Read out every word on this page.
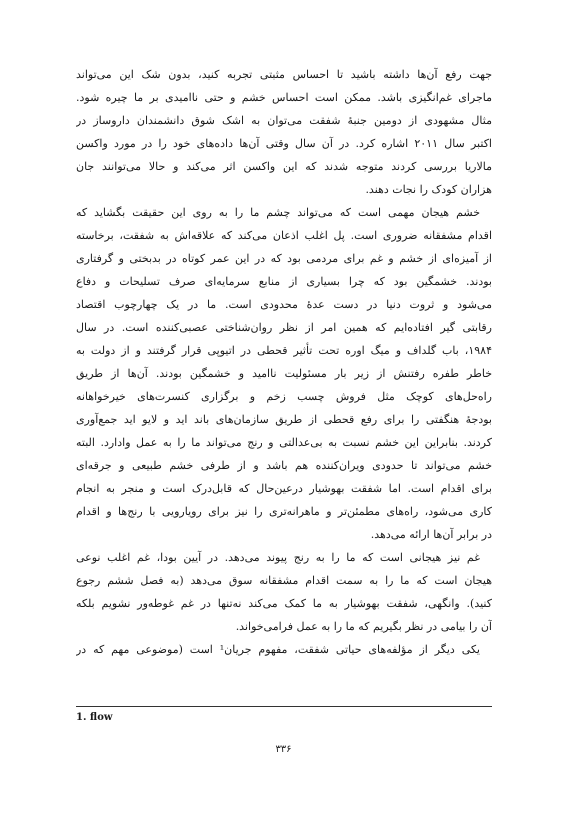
جهت رفع آن‌ها داشته باشید تا احساس مثبتی تجربه کنید، بدون شک این می‌تواند
ماجرای غم‌انگیزی باشد. ممکن است احساس خشم و حتی ناامیدی بر ما چیره شود.
مثال مشهودی از دومین جنبهٔ شفقت می‌توان به اشک شوق دانشمندان داروساز در
اکتبر سال ۲۰۱۱ اشاره کرد. در آن سال وقتی آن‌ها داده‌های خود را در مورد واکسن
مالاریا بررسی کردند متوجه شدند که این واکسن اثر می‌کند و حالا می‌توانند جان
هزاران کودک را نجات دهند.
خشم هیجان مهمی است که می‌تواند چشم ما را به روی این حقیقت بگشاید که
اقدام مشفقانه ضروری است. پل اغلب اذعان می‌کند که علاقه‌اش به شفقت، برخاسته
از آمیزه‌ای از خشم و غم برای مردمی بود که در این عمر کوتاه در بدبختی و گرفتاری
بودند. خشمگین بود که چرا بسیاری از منابع سرمایه‌ای صرف تسلیحات و دفاع
می‌شود و ثروت دنیا در دست عدهٔ محدودی است. ما در یک چهارچوب اقتصاد
رقابتی گیر افتاده‌ایم که همین امر از نظر روان‌شناختی عصبی‌کننده است. در سال
۱۹۸۴، باب گلداف و میگ اوره تحت تأثیر قحطی در اتیوپی قرار گرفتند و از دولت به
خاطر طفره رفتنش از زیر بار مسئولیت ناامید و خشمگین بودند. آن‌ها از طریق
راه‌حل‌های کوچک مثل فروش چسب زخم و برگزاری کنسرت‌های خیرخواهانه
بودجهٔ هنگفتی را برای رفع قحطی از طریق سازمان‌های باند اید و لایو اید جمع‌آوری
کردند. بنابراین این خشم نسبت به بی‌عدالتی و رنج می‌تواند ما را به عمل وادارد. البته
خشم می‌تواند تا حدودی ویران‌کننده هم باشد و از طرفی خشم طبیعی و جرقه‌ای
برای اقدام است. اما شفقت بهوشیار درعین‌حال که قابل‌درک است و منجر به انجام
کاری می‌شود، راه‌های مطمئن‌تر و ماهرانه‌تری را نیز برای رویارویی با رنج‌ها و اقدام
در برابر آن‌ها ارائه می‌دهد.
غم نیز هیجانی است که ما را به رنج پیوند می‌دهد. در آیین بودا، غم اغلب نوعی
هیجان است که ما را به سمت اقدام مشفقانه سوق می‌دهد (به فصل ششم رجوع
کنید). وانگهی، شفقت بهوشیار به ما کمک می‌کند نه‌تنها در غم غوطه‌ور نشویم بلکه
آن را بیامی در نظر بگیریم که ما را به عمل فرامی‌خواند.
یکی دیگر از مؤلفه‌های حیاتی شفقت، مفهوم جریان¹ است (موضوعی مهم که در
1. flow
۳۳۶
